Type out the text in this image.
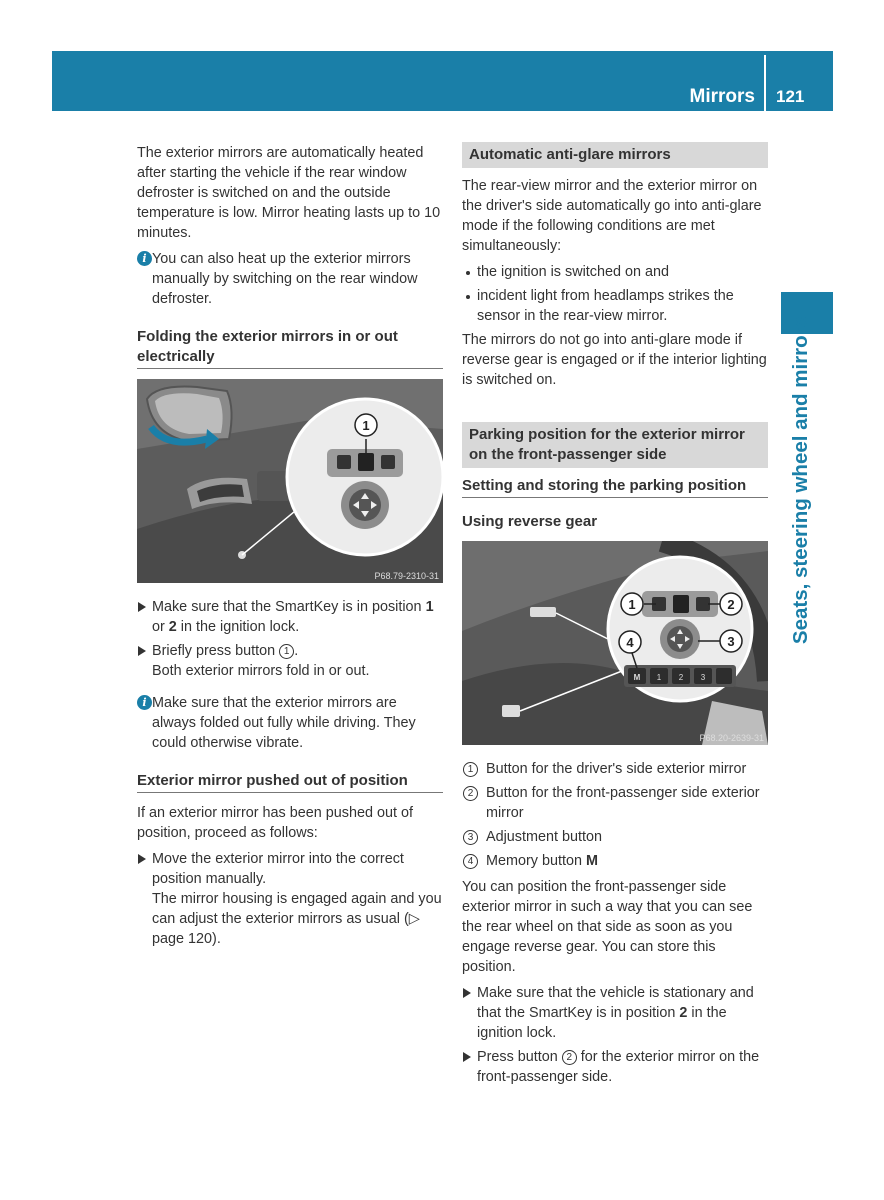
Mirrors 121
Seats, steering wheel and mirrors

The exterior mirrors are automatically heated after starting the vehicle if the rear window defroster is switched on and the outside temperature is low. Mirror heating lasts up to 10 minutes.

i You can also heat up the exterior mirrors manually by switching on the rear window defroster.
Folding the exterior mirrors in or out electrically
1
P68.79-2310-31
Make sure that the SmartKey is in position 1 or 2 in the ignition lock.
Briefly press button 1 .
Both exterior mirrors fold in or out.
i Make sure that the exterior mirrors are always folded out fully while driving. They could otherwise vibrate.
Exterior mirror pushed out of position

If an exterior mirror has been pushed out of position, proceed as follows:

Move the exterior mirror into the correct position manually.
The mirror housing is engaged again and you can adjust the exterior mirrors as usual (▷ page 120).
Automatic anti-glare mirrors

The rear-view mirror and the exterior mirror on the driver's side automatically go into anti-glare mode if the following conditions are met simultaneously:

the ignition is switched on and
incident light from headlamps strikes the sensor in the rear-view mirror.

The mirrors do not go into anti-glare mode if reverse gear is engaged or if the interior lighting is switched on.

Parking position for the exterior mirror on the front-passenger side
Setting and storing the parking position
Using reverse gear
M 1 2 3
1	2
3
4
P68.20-2639-31
1 Button for the driver's side exterior mirror
2 Button for the front-passenger side exterior mirror
3 Adjustment button
4 Memory button M

You can position the front-passenger side exterior mirror in such a way that you can see the rear wheel on that side as soon as you engage reverse gear. You can store this position.

Make sure that the vehicle is stationary and that the SmartKey is in position 2 in the ignition lock.
Press button 2 for the exterior mirror on the front-passenger side.
